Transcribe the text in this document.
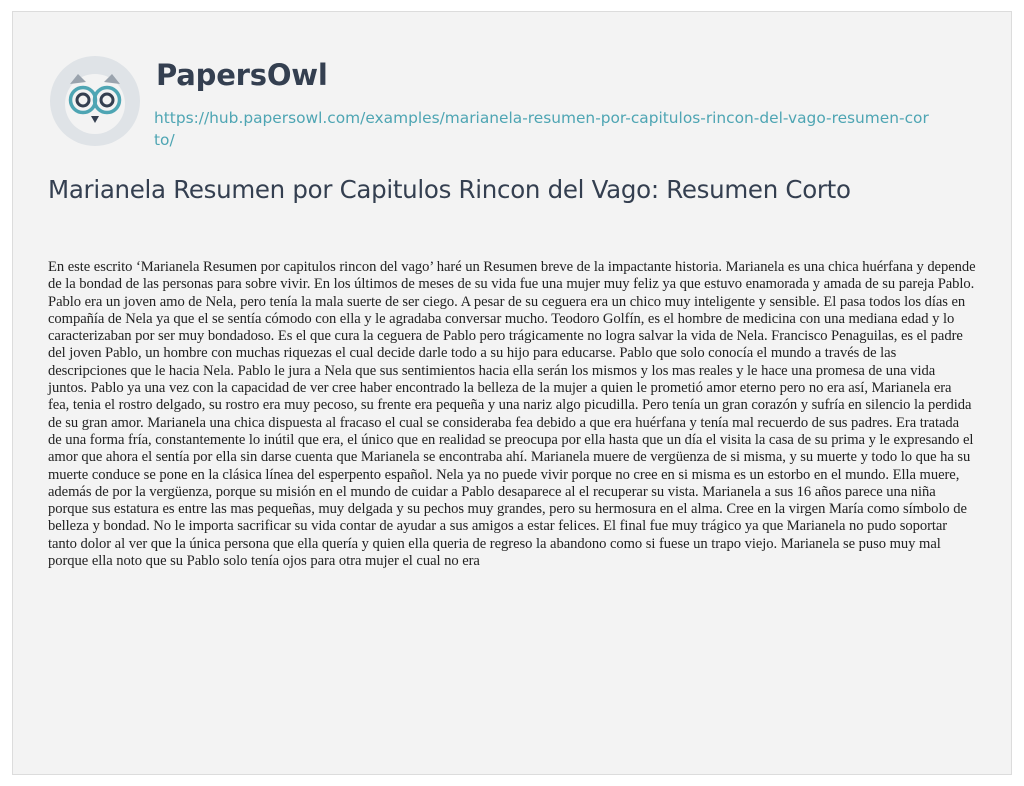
PapersOwl
https://hub.papersowl.com/examples/marianela-resumen-por-capitulos-rincon-del-vago-resumen-corto/
Marianela Resumen por Capitulos Rincon del Vago: Resumen Corto

En este escrito ‘Marianela Resumen por capitulos rincon del vago’ haré un Resumen breve de la impactante historia. Marianela es una chica huérfana y depende de la bondad de las personas para sobre vivir. En los últimos de meses de su vida fue una mujer muy feliz ya que estuvo enamorada y amada de su pareja Pablo. Pablo era un joven amo de Nela, pero tenía la mala suerte de ser ciego. A pesar de su ceguera era un chico muy inteligente y sensible. El pasa todos los días en compañía de Nela ya que el se sentía cómodo con ella y le agradaba conversar mucho. Teodoro Golfín, es el hombre de medicina con una mediana edad y lo caracterizaban por ser muy bondadoso. Es el que cura la ceguera de Pablo pero trágicamente no logra salvar la vida de Nela. Francisco Penaguilas, es el padre del joven Pablo, un hombre con muchas riquezas el cual decide darle todo a su hijo para educarse. Pablo que solo conocía el mundo a través de las descripciones que le hacia Nela. Pablo le jura a Nela que sus sentimientos hacia ella serán los mismos y los mas reales y le hace una promesa de una vida juntos. Pablo ya una vez con la capacidad de ver cree haber encontrado la belleza de la mujer a quien le prometió amor eterno pero no era así, Marianela era fea, tenia el rostro delgado, su rostro era muy pecoso, su frente era pequeña y una nariz algo picudilla. Pero tenía un gran corazón y sufría en silencio la perdida de su gran amor. Marianela una chica dispuesta al fracaso el cual se consideraba fea debido a que era huérfana y tenía mal recuerdo de sus padres. Era tratada de una forma fría, constantemente lo inútil que era, el único que en realidad se preocupa por ella hasta que un día el visita la casa de su prima y le expresando el amor que ahora el sentía por ella sin darse cuenta que Marianela se encontraba ahí. Marianela muere de vergüenza de si misma, y su muerte y todo lo que ha su muerte conduce se pone en la clásica línea del esperpento español. Nela ya no puede vivir porque no cree en si misma es un estorbo en el mundo. Ella muere, además de por la vergüenza, porque su misión en el mundo de cuidar a Pablo desaparece al el recuperar su vista. Marianela a sus 16 años parece una niña porque sus estatura es entre las mas pequeñas, muy delgada y su pechos muy grandes, pero su hermosura en el alma. Cree en la virgen María como símbolo de belleza y bondad. No le importa sacrificar su vida contar de ayudar a sus amigos a estar felices. El final fue muy trágico ya que Marianela no pudo soportar tanto dolor al ver que la única persona que ella quería y quien ella queria de regreso la abandono como si fuese un trapo viejo. Marianela se puso muy mal porque ella noto que su Pablo solo tenía ojos para otra mujer el cual no era
